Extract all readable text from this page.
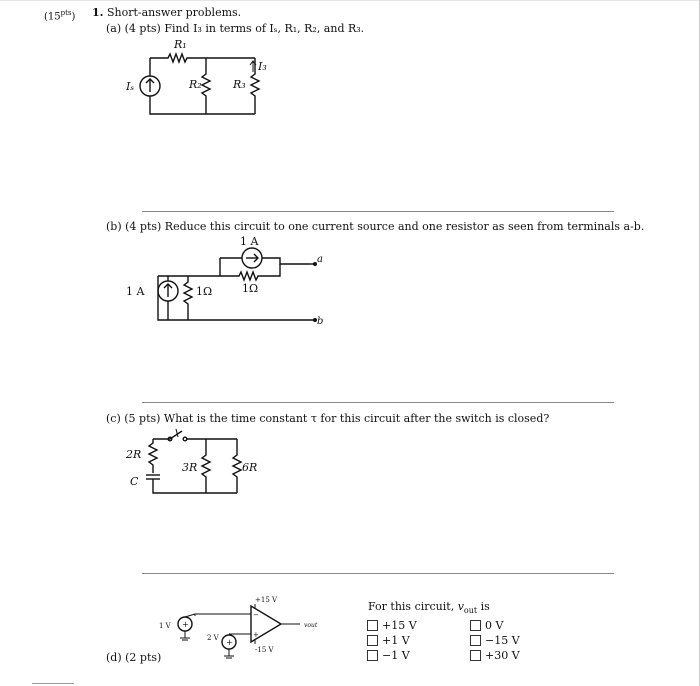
$(15^{pts})$ 1. Short-answer problems.
(a) (4 pts) Find I₃ in terms of Iₛ, R₁, R₂, and R₃.
R₁
Iₛ	R₂	R₃
I₃
(b) (4 pts) Reduce this circuit to one current source and one resistor as seen from terminals a-b.
1 A
1Ω
a
1 A	1Ω
b
(c) (5 pts) What is the time constant τ for this circuit after the switch is closed?
2R
C
3R	6R
+15 V
−
+
-15 V
vout
+
1 V
+
2 V
(d) (2 pts)
For this circuit, $v_{out}$ is
+15 V
+1 V
−1 V
0 V
−15 V
+30 V
